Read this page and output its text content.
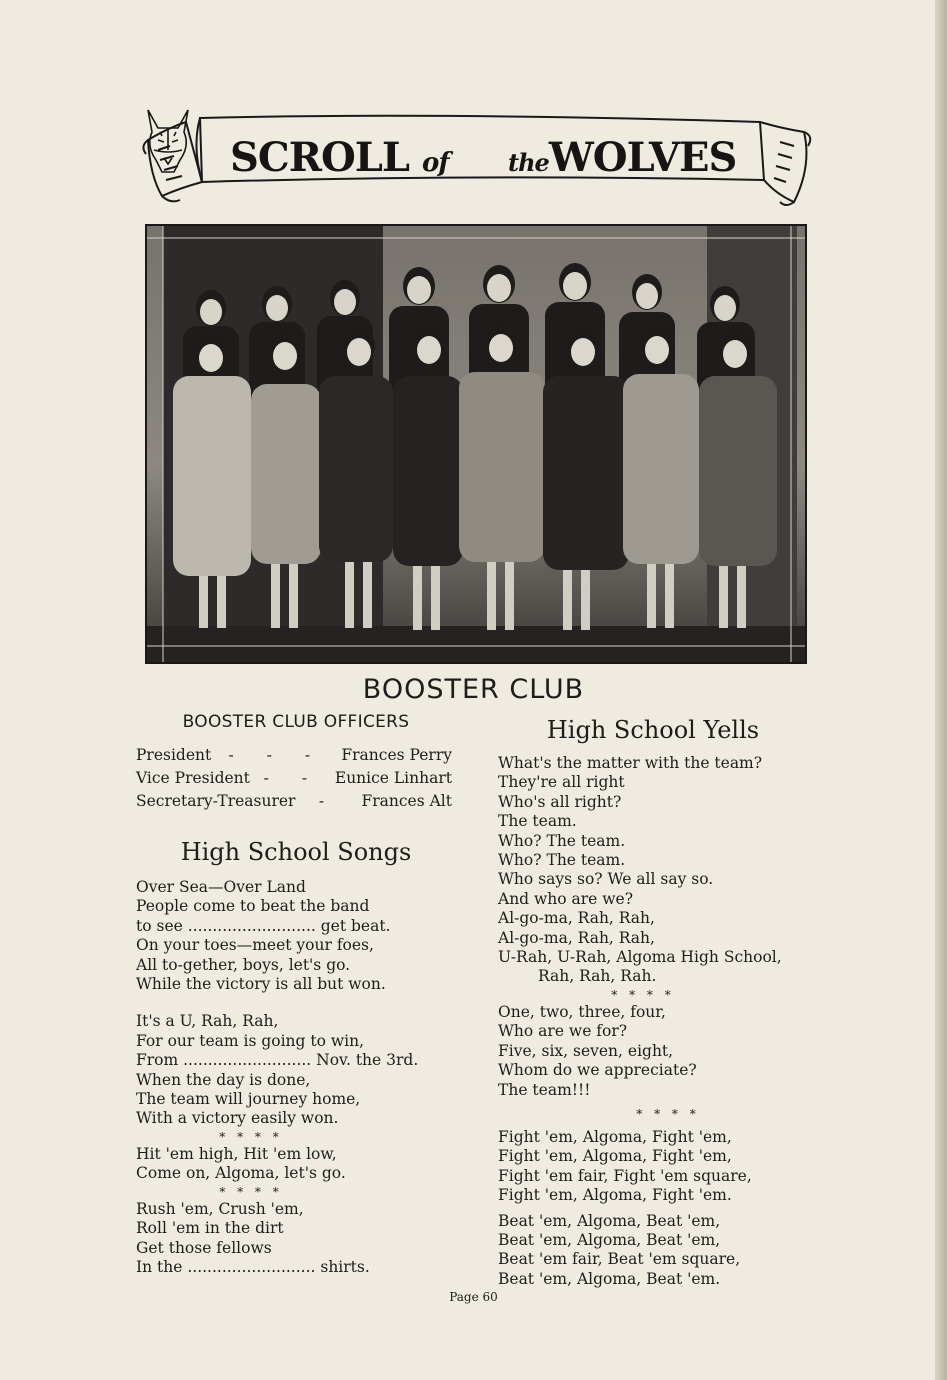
SCROLL of theWOLVES
BOOSTER CLUB
BOOSTER CLUB OFFICERS
President	- - -	Frances Perry
Vice President - - Eunice Linhart
Secretary-Treasurer	-	Frances Alt
High School Songs
Over Sea—Over Land
People come to beat the band
to see .......................... get beat.
On your toes—meet your foes,
All to-gether, boys, let's go.
While the victory is all but won.
It's a U, Rah, Rah,
For our team is going to win,
From .......................... Nov. the 3rd.
When the day is done,
The team will journey home,
With a victory easily won.
* * * *
Hit 'em high, Hit 'em low,
Come on, Algoma, let's go.
* * * *
Rush 'em, Crush 'em,
Roll 'em in the dirt
Get those fellows
In the .......................... shirts.
High School Yells
What's the matter with the team?
They're all right
Who's all right?
The team.
Who? The team.
Who? The team.
Who says so? We all say so.
And who are we?
Al-go-ma, Rah, Rah,
Al-go-ma, Rah, Rah,
U-Rah, U-Rah, Algoma High School,
Rah, Rah, Rah.
* * * *
One, two, three, four,
Who are we for?
Five, six, seven, eight,
Whom do we appreciate?
The team!!!
* * * *
Fight 'em, Algoma, Fight 'em,
Fight 'em, Algoma, Fight 'em,
Fight 'em fair, Fight 'em square,
Fight 'em, Algoma, Fight 'em.
Beat 'em, Algoma, Beat 'em,
Beat 'em, Algoma, Beat 'em,
Beat 'em fair, Beat 'em square,
Beat 'em, Algoma, Beat 'em.
Page 60
